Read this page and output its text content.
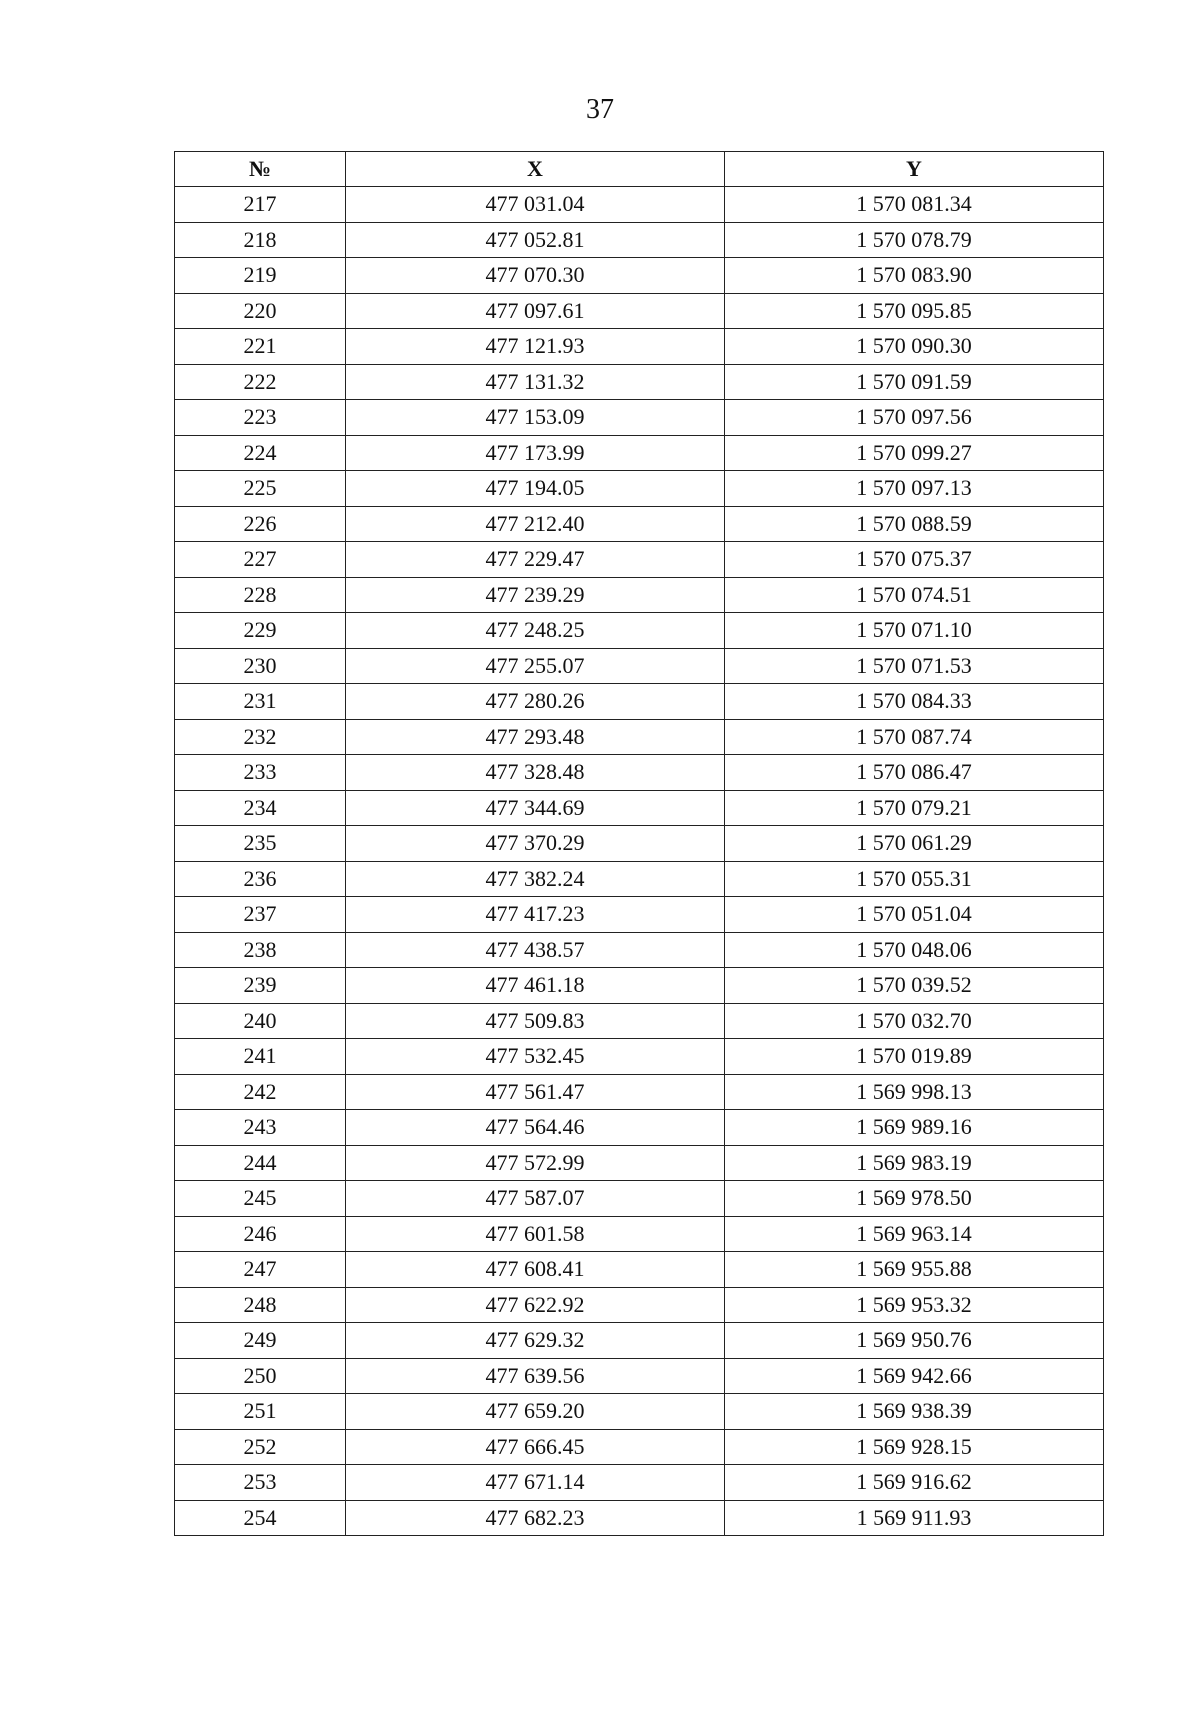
37
№	X	Y
217	477 031.04	1 570 081.34
218	477 052.81	1 570 078.79
219	477 070.30	1 570 083.90
220	477 097.61	1 570 095.85
221	477 121.93	1 570 090.30
222	477 131.32	1 570 091.59
223	477 153.09	1 570 097.56
224	477 173.99	1 570 099.27
225	477 194.05	1 570 097.13
226	477 212.40	1 570 088.59
227	477 229.47	1 570 075.37
228	477 239.29	1 570 074.51
229	477 248.25	1 570 071.10
230	477 255.07	1 570 071.53
231	477 280.26	1 570 084.33
232	477 293.48	1 570 087.74
233	477 328.48	1 570 086.47
234	477 344.69	1 570 079.21
235	477 370.29	1 570 061.29
236	477 382.24	1 570 055.31
237	477 417.23	1 570 051.04
238	477 438.57	1 570 048.06
239	477 461.18	1 570 039.52
240	477 509.83	1 570 032.70
241	477 532.45	1 570 019.89
242	477 561.47	1 569 998.13
243	477 564.46	1 569 989.16
244	477 572.99	1 569 983.19
245	477 587.07	1 569 978.50
246	477 601.58	1 569 963.14
247	477 608.41	1 569 955.88
248	477 622.92	1 569 953.32
249	477 629.32	1 569 950.76
250	477 639.56	1 569 942.66
251	477 659.20	1 569 938.39
252	477 666.45	1 569 928.15
253	477 671.14	1 569 916.62
254	477 682.23	1 569 911.93
